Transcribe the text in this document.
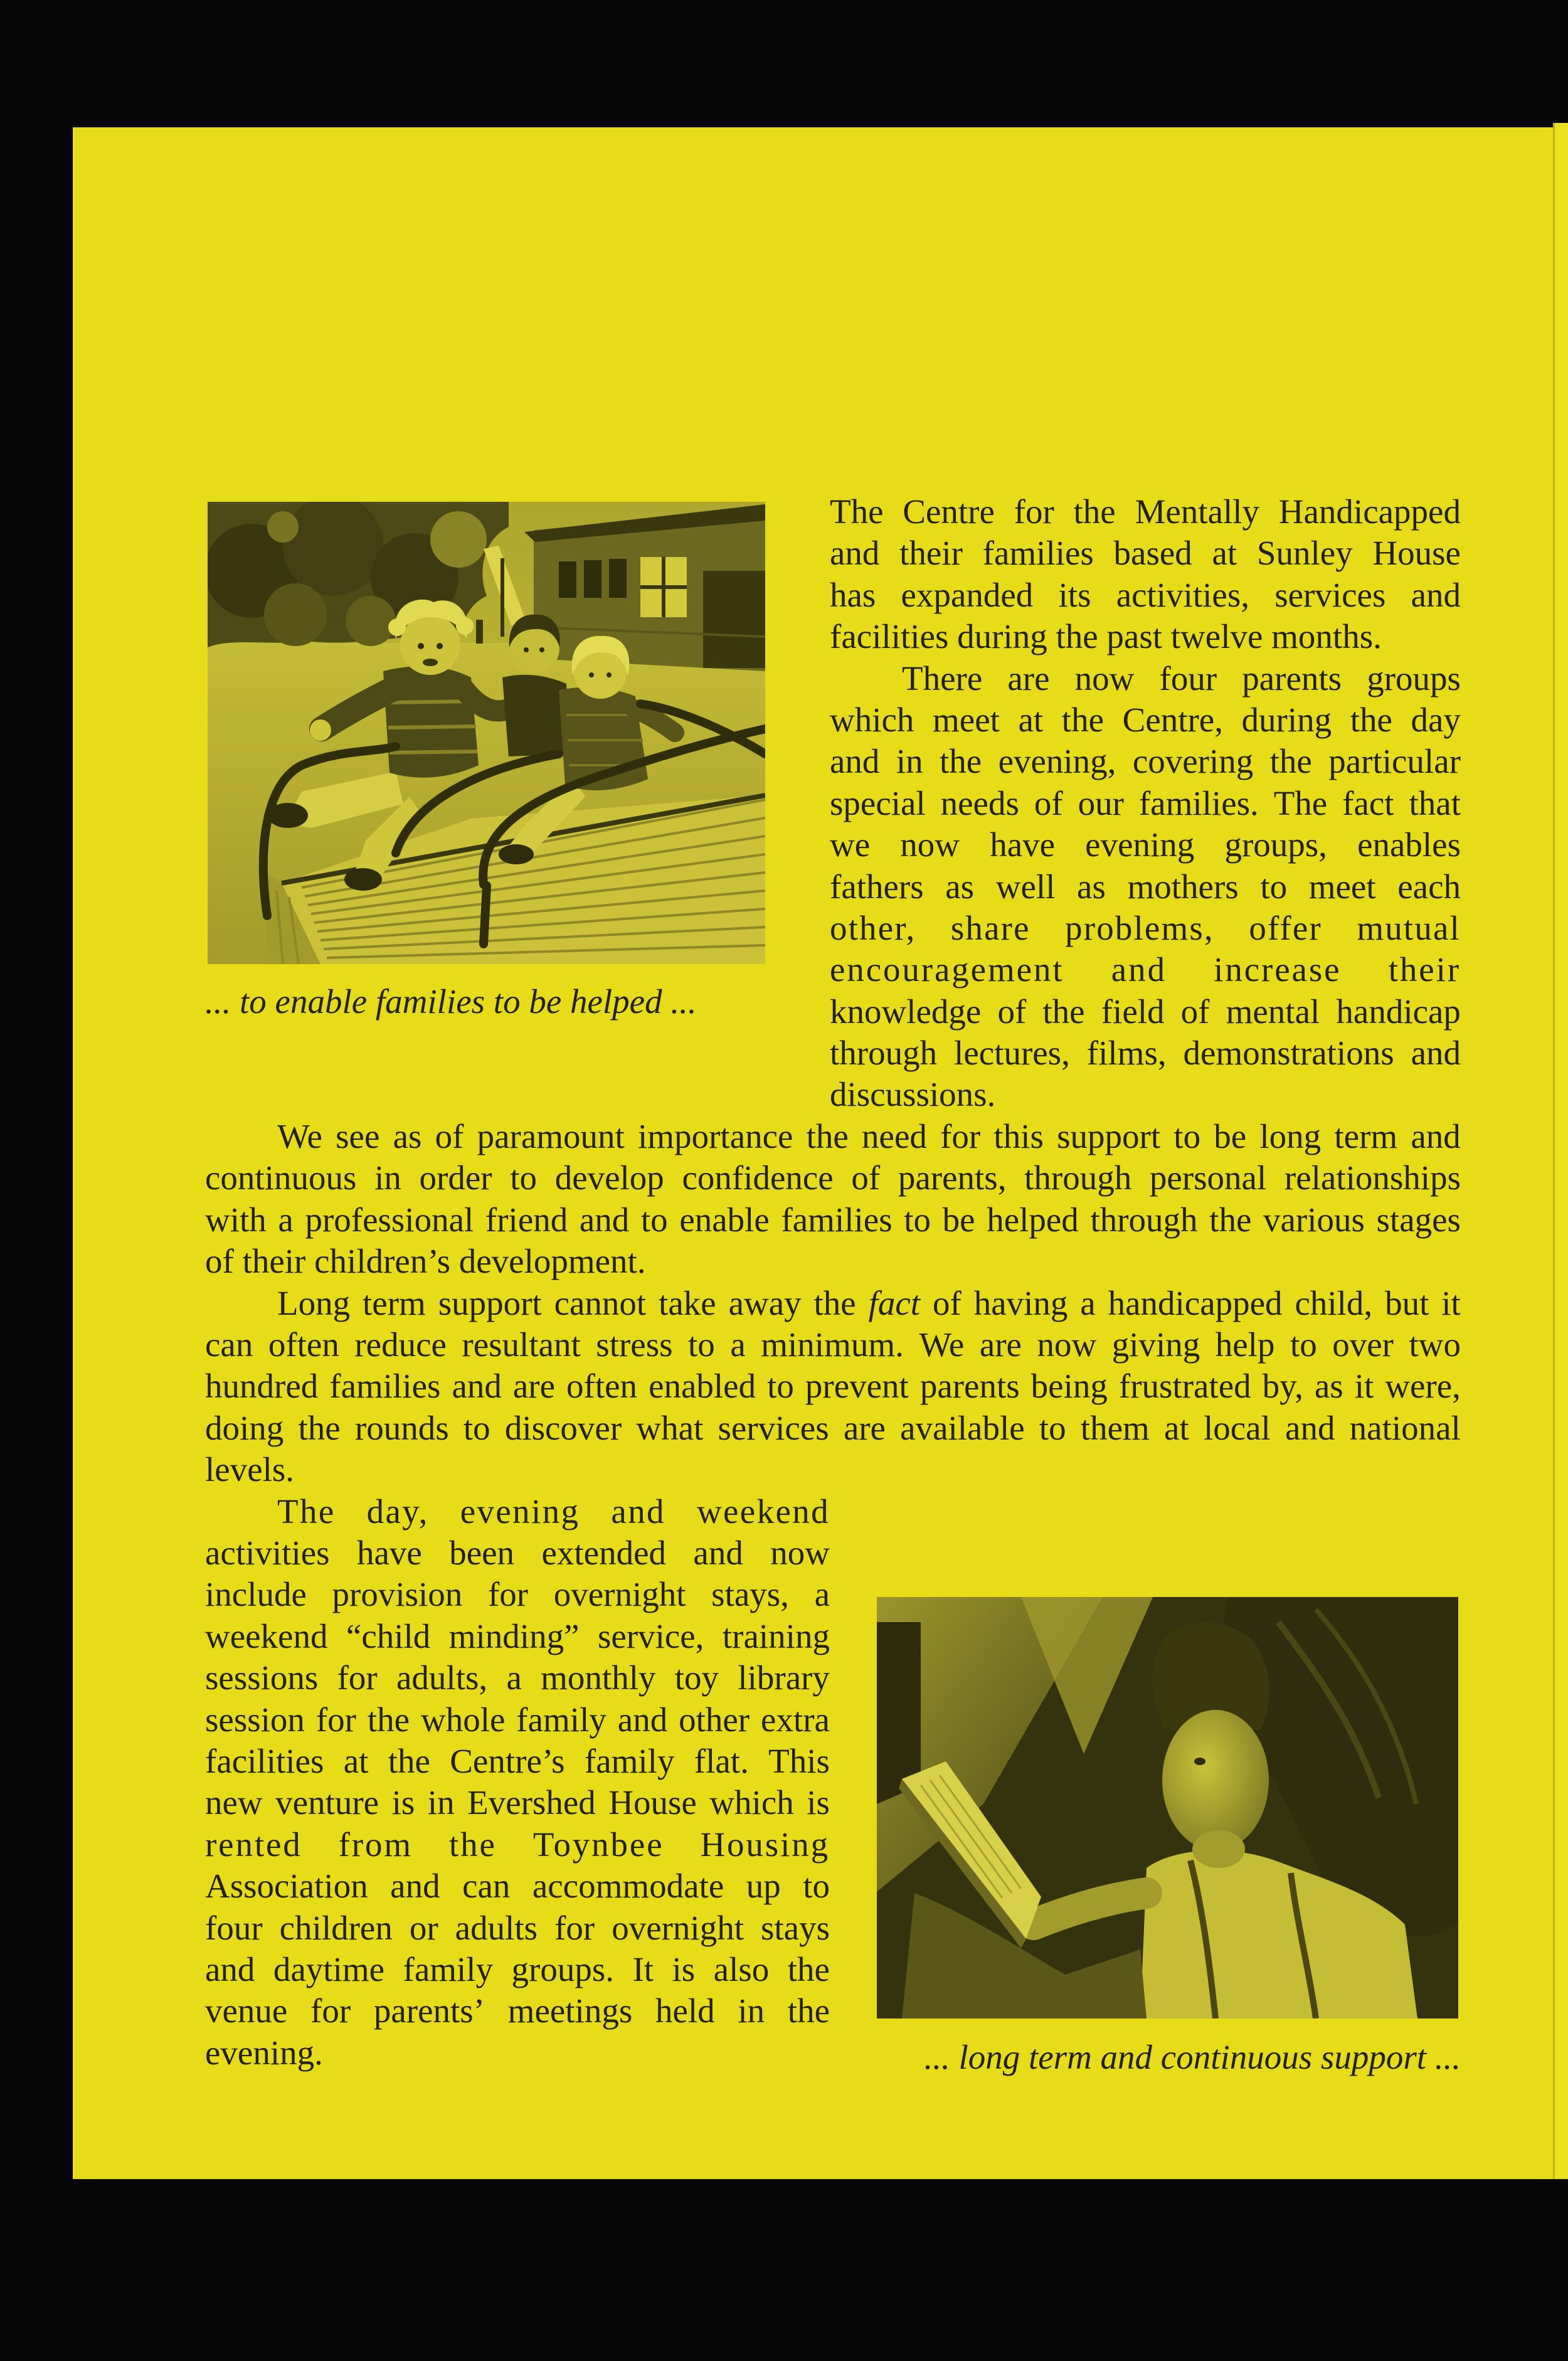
... to enable families to be helped ...
... long term and continuous support ...
The Centre for the Mentally Handicapped
and their families based at Sunley House
has expanded its activities, services and
facilities during the past twelve months.
There are now four parents groups
which meet at the Centre, during the day
and in the evening, covering the particular
special needs of our families. The fact that
we now have evening groups, enables
fathers as well as mothers to meet each
other, share problems, offer mutual
encouragement and increase their
knowledge of the field of mental handicap
through lectures, films, demonstrations and
discussions.
We see as of paramount importance the need for this support to be long term and
continuous in order to develop confidence of parents, through personal relationships
with a professional friend and to enable families to be helped through the various stages
of their children’s development.
Long term support cannot take away the fact of having a handicapped child, but it
can often reduce resultant stress to a minimum. We are now giving help to over two
hundred families and are often enabled to prevent parents being frustrated by, as it were,
doing the rounds to discover what services are available to them at local and national
levels.
The day, evening and weekend
activities have been extended and now
include provision for overnight stays, a
weekend “child minding” service, training
sessions for adults, a monthly toy library
session for the whole family and other extra
facilities at the Centre’s family flat. This
new venture is in Evershed House which is
rented from the Toynbee Housing
Association and can accommodate up to
four children or adults for overnight stays
and daytime family groups. It is also the
venue for parents’ meetings held in the
evening.
